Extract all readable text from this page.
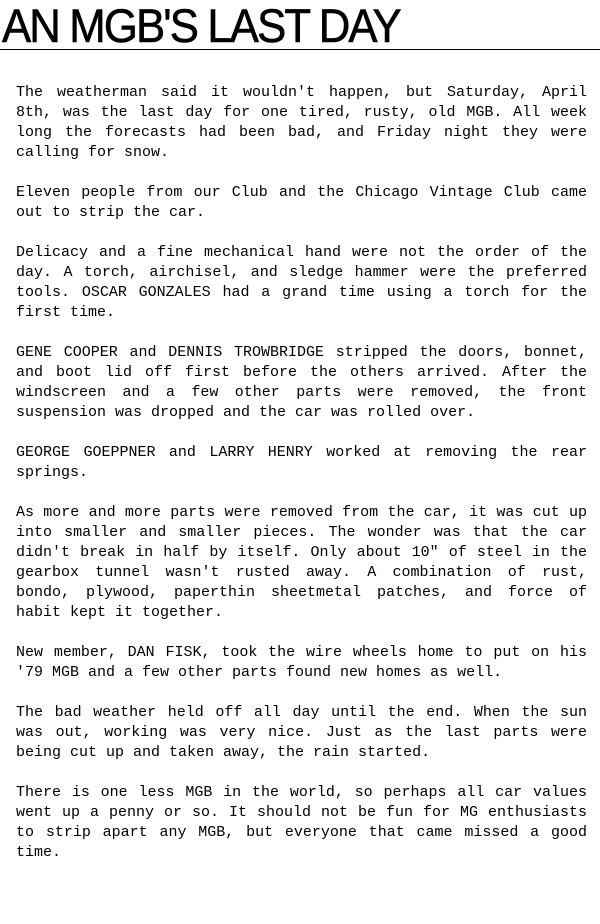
AN MGB'S LAST DAY

The weatherman said it wouldn't happen, but Saturday, April 8th, was the last day for one tired, rusty, old MGB. All week long the forecasts had been bad, and Friday night they were calling for snow.

Eleven people from our Club and the Chicago Vintage Club came out to strip the car.

Delicacy and a fine mechanical hand were not the order of the day. A torch, airchisel, and sledge hammer were the preferred tools. OSCAR GONZALES had a grand time using a torch for the first time.

GENE COOPER and DENNIS TROWBRIDGE stripped the doors, bonnet, and boot lid off first before the others arrived. After the windscreen and a few other parts were removed, the front suspension was dropped and the car was rolled over.

GEORGE GOEPPNER and LARRY HENRY worked at removing the rear springs.

As more and more parts were removed from the car, it was cut up into smaller and smaller pieces. The wonder was that the car didn't break in half by itself. Only about 10" of steel in the gearbox tunnel wasn't rusted away. A combination of rust, bondo, plywood, paperthin sheetmetal patches, and force of habit kept it together.

New member, DAN FISK, took the wire wheels home to put on his '79 MGB and a few other parts found new homes as well.

The bad weather held off all day until the end. When the sun was out, working was very nice. Just as the last parts were being cut up and taken away, the rain started.

There is one less MGB in the world, so perhaps all car values went up a penny or so. It should not be fun for MG enthusiasts to strip apart any MGB, but everyone that came missed a good time.
